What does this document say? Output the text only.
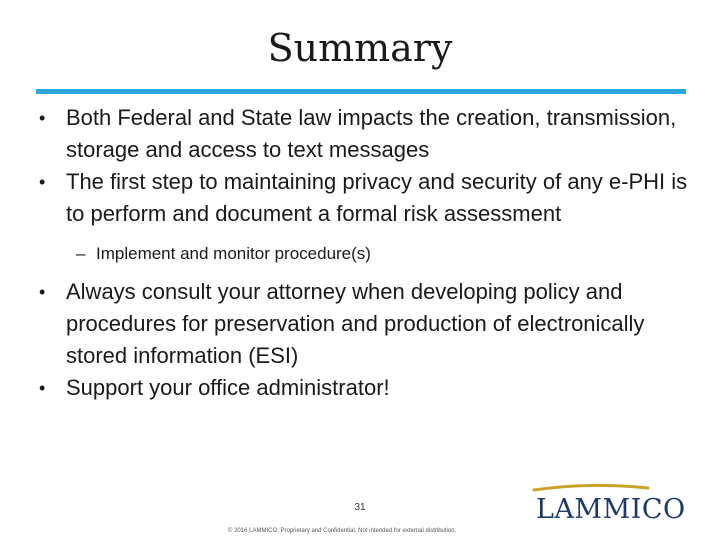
Summary
• Both Federal and State law impacts the creation, transmission, storage and access to text messages
• The first step to maintaining privacy and security of any e-PHI is to perform and document a formal risk assessment
– Implement and monitor procedure(s)
• Always consult your attorney when developing policy and procedures for preservation and production of electronically stored information (ESI)
• Support your office administrator!
31
© 2016 LAMMICO. Proprietary and Confidential. Not intended for external distribution.
LAMMICO
